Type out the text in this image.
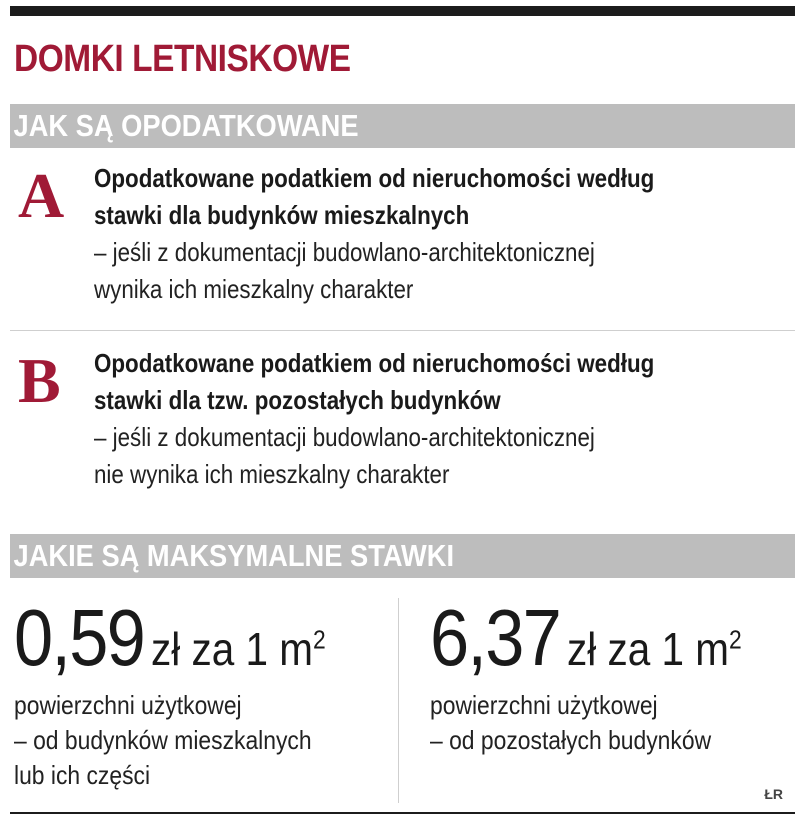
DOMKI LETNISKOWE
JAK SĄ OPODATKOWANE
A Opodatkowane podatkiem od nieruchomości według
stawki dla budynków mieszkalnych
– jeśli z dokumentacji budowlano-architektonicznej
wynika ich mieszkalny charakter
B Opodatkowane podatkiem od nieruchomości według
stawki dla tzw. pozostałych budynków
– jeśli z dokumentacji budowlano-architektonicznej
nie wynika ich mieszkalny charakter
JAKIE SĄ MAKSYMALNE STAWKI
0,59 zł za 1 $m^2$
powierzchni użytkowej
– od budynków mieszkalnych
lub ich części
6,37 zł za 1 $m^2$
powierzchni użytkowej
– od pozostałych budynków
ŁR
